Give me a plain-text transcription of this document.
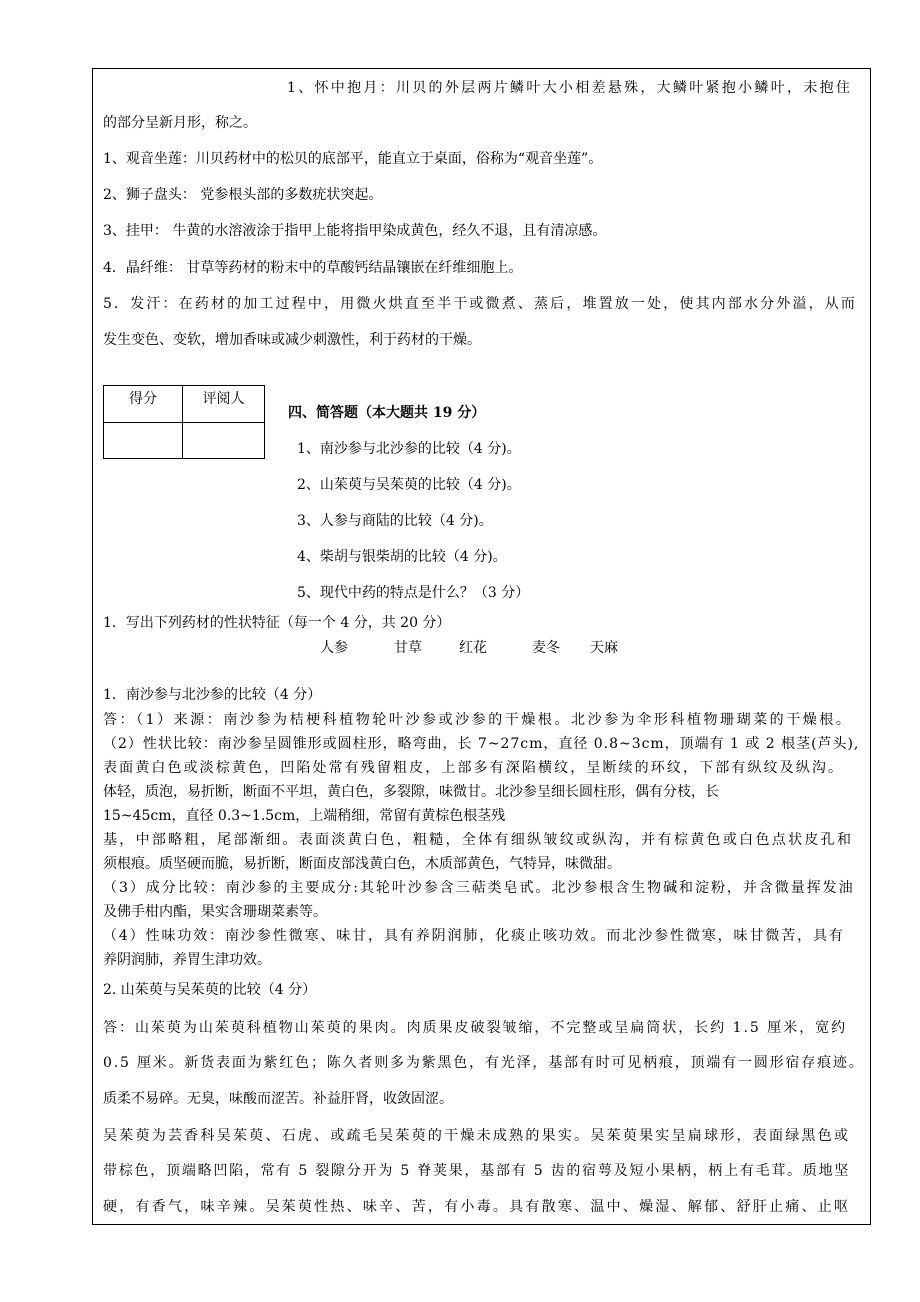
1、怀中抱月：川贝的外层两片鳞叶大小相差悬殊，大鳞叶紧抱小鳞叶，未抱住
的部分呈新月形，称之。
1、观音坐莲：川贝药材中的松贝的底部平，能直立于桌面，俗称为“观音坐莲”。
2、狮子盘头： 党参根头部的多数疣状突起。
3、挂甲： 牛黄的水溶液涂于指甲上能将指甲染成黄色，经久不退，且有清凉感。
4．晶纤维： 甘草等药材的粉末中的草酸钙结晶镶嵌在纤维细胞上。
5．发汗：在药材的加工过程中，用微火烘直至半干或微煮、蒸后，堆置放一处，使其内部水分外溢，从而
发生变色、变软，增加香味或减少刺激性，利于药材的干燥。
得分	评阅人
四、简答题（本大题共 19 分）
1、南沙参与北沙参的比较（4 分)。
2、山茱萸与吴茱萸的比较（4 分)。
3、人参与商陆的比较（4 分)。
4、柴胡与银柴胡的比较（4 分)。
5、现代中药的特点是什么？（3 分）
1．写出下列药材的性状特征（每一个 4 分，共 20 分）
人参	甘草	红花	麦冬 天麻
1．南沙参与北沙参的比较（4 分）
答：（1）来源：南沙参为桔梗科植物轮叶沙参或沙参的干燥根。北沙参为伞形科植物珊瑚菜的干燥根。
（2）性状比较：南沙参呈圆锥形或圆柱形，略弯曲，长 7~27cm，直径 0.8~3cm，顶端有 1 或 2 根茎(芦头),
表面黄白色或淡棕黄色，凹陷处常有残留粗皮，上部多有深陷横纹，呈断续的环纹，下部有纵纹及纵沟。
体轻，质泡，易折断，断面不平坦，黄白色，多裂隙，味微甘。北沙参呈细长圆柱形，偶有分枝，长
15~45cm，直径 0.3~1.5cm，上端稍细，常留有黄棕色根茎残
基，中部略粗，尾部渐细。表面淡黄白色，粗糙，全体有细纵皱纹或纵沟，并有棕黄色或白色点状皮孔和
须根痕。质坚硬而脆，易折断，断面皮部浅黄白色，木质部黄色，气特异，味微甜。
（3）成分比较：南沙参的主要成分:其轮叶沙参含三萜类皂甙。北沙参根含生物碱和淀粉，并含微量挥发油
及佛手柑内酯，果实含珊瑚菜素等。
（4）性味功效：南沙参性微寒、味甘，具有养阴润肺，化痰止咳功效。而北沙参性微寒，味甘微苦，具有
养阴润肺，养胃生津功效。
2. 山茱萸与吴茱萸的比较（4 分）
答：山茱萸为山茱萸科植物山茱萸的果肉。肉质果皮破裂皱缩，不完整或呈扁筒状，长约 1.5 厘米，宽约
0.5 厘米。新货表面为紫红色；陈久者则多为紫黑色，有光泽，基部有时可见柄痕，顶端有一圆形宿存痕迹。
质柔不易碎。无臭，味酸而涩苦。补益肝肾，收敛固涩。
吴茱萸为芸香科吴茱萸、石虎、或疏毛吴茱萸的干燥未成熟的果实。吴茱萸果实呈扁球形，表面绿黑色或
带棕色，顶端略凹陷，常有 5 裂隙分开为 5 脊荚果，基部有 5 齿的宿萼及短小果柄，柄上有毛茸。质地坚
硬，有香气，味辛辣。吴茱萸性热、味辛、苦，有小毒。具有散寒、温中、燥湿、解郁、舒肝止痛、止呕
